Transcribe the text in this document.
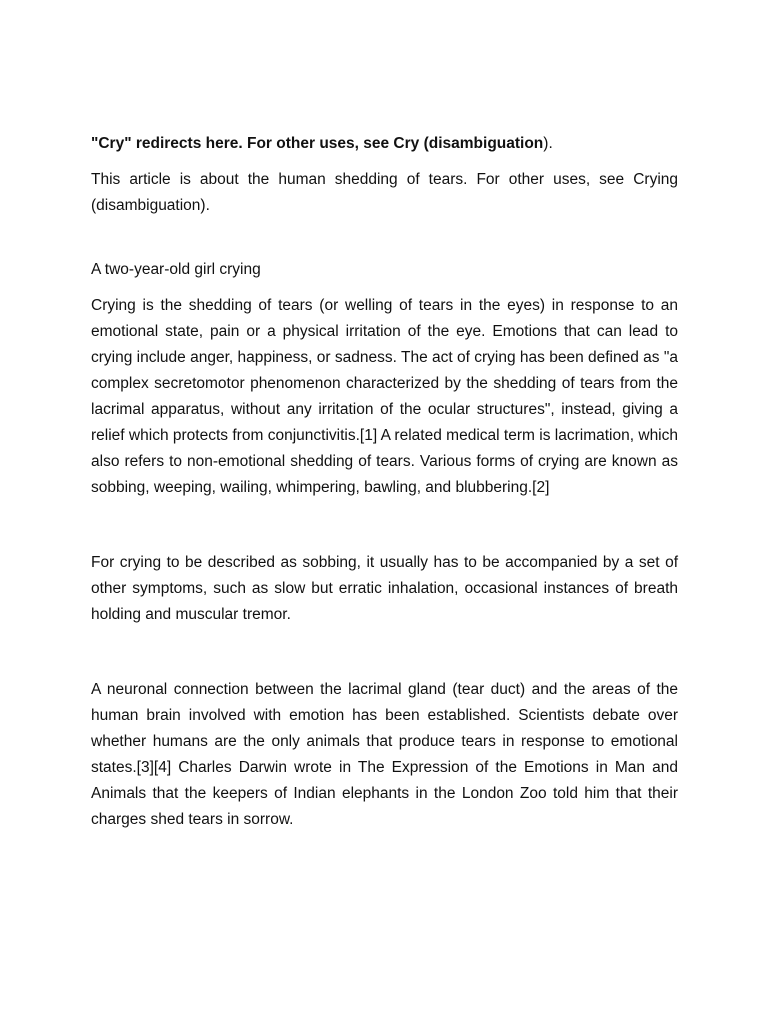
"Cry" redirects here. For other uses, see Cry (disambiguation).

This article is about the human shedding of tears. For other uses, see Crying (disambiguation).

A two-year-old girl crying

Crying is the shedding of tears (or welling of tears in the eyes) in response to an emotional state, pain or a physical irritation of the eye. Emotions that can lead to crying include anger, happiness, or sadness. The act of crying has been defined as "a complex secretomotor phenomenon characterized by the shedding of tears from the lacrimal apparatus, without any irritation of the ocular structures", instead, giving a relief which protects from conjunctivitis.[1] A related medical term is lacrimation, which also refers to non-emotional shedding of tears. Various forms of crying are known as sobbing, weeping, wailing, whimpering, bawling, and blubbering.[2]

For crying to be described as sobbing, it usually has to be accompanied by a set of other symptoms, such as slow but erratic inhalation, occasional instances of breath holding and muscular tremor.

A neuronal connection between the lacrimal gland (tear duct) and the areas of the human brain involved with emotion has been established. Scientists debate over whether humans are the only animals that produce tears in response to emotional states.[3][4] Charles Darwin wrote in The Expression of the Emotions in Man and Animals that the keepers of Indian elephants in the London Zoo told him that their charges shed tears in sorrow.
